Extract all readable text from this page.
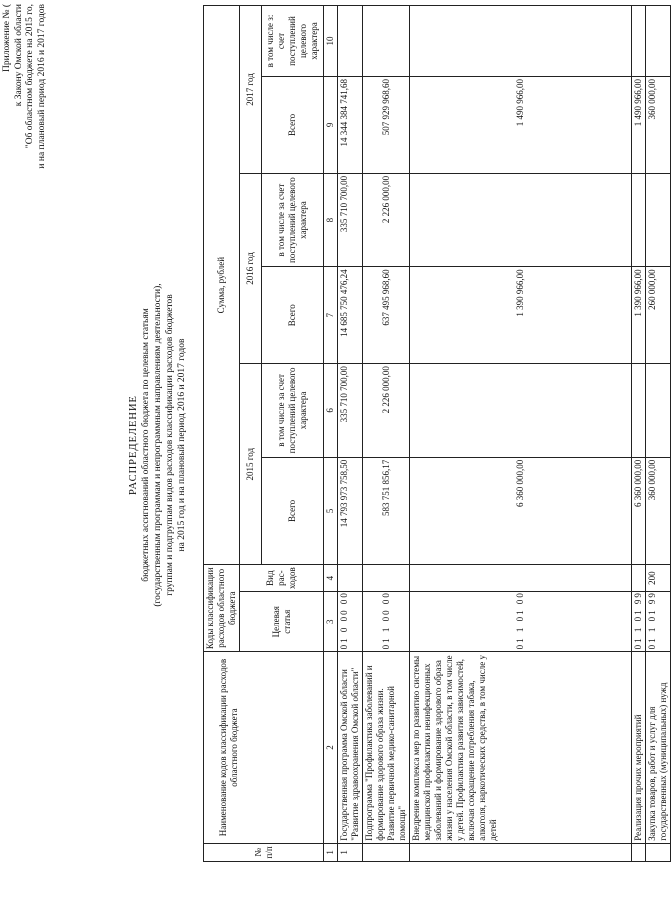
Приложение № ( к Закону Омской области "Об областном бюджете на 2015 го, и на плановый период 2016 и 2017 годов
РАСПРЕДЕЛЕНИЕ бюджетных ассигнований областного бюджета по целевым статьям (государственным программам и непрограммным направлениям деятельности), группам и подгруппам видов расходов классификации расходов бюджетов на 2015 год и на плановый период 2016 и 2017 годов
№ п/п	Наименование кодов классификации расходов областного бюджета	Коды классификации расходов областного бюджета		Сумма, рублей					
		Целевая статья	Вид рас-ходов	2015 год		2016 год		2017 год	
				Всего	в том числе за счет поступлений целевого характера	Всего	в том числе за счет поступлений целевого характера	Всего	в том числе з: счет поступлений целевого характера
1	2	3	4	5	6	7	8	9	10
1	Государственная программа Омской области "Развитие здравоохранения Омской области"	01 0 00 00		14 793 973 758,50	335 710 700,00	14 685 750 476,24	335 710 700,00	14 344 384 741,68	
	Подпрограмма "Профилактика заболеваний и формирование здорового образа жизни. Развитие первичной медико-санитарной помощи"	01 1 00 00		583 751 856,17	2 226 000,00	637 495 968,60	2 226 000,00	507 929 968,60	
	Внедрение комплекса мер по развитию системы медицинской профилактики неинфекционных заболеваний и формирование здорового образа жизни у населения Омской области, в том числе у детей. Профилактика развития зависимостей, включая сокращение потребления табака, алкоголя, наркотических средства, в том числе у детей	01 1 01 00		6 360 000,00		1 390 966,00		1 490 966,00	
	Реализация прочих мероприятий	01 1 01 99		6 360 000,00		1 390 966,00		1 490 966,00	
	Закупка товаров, работ и услуг для государственных (муниципальных) нужд	01 1 01 99	200	360 000,00		260 000,00		360 000,00	
